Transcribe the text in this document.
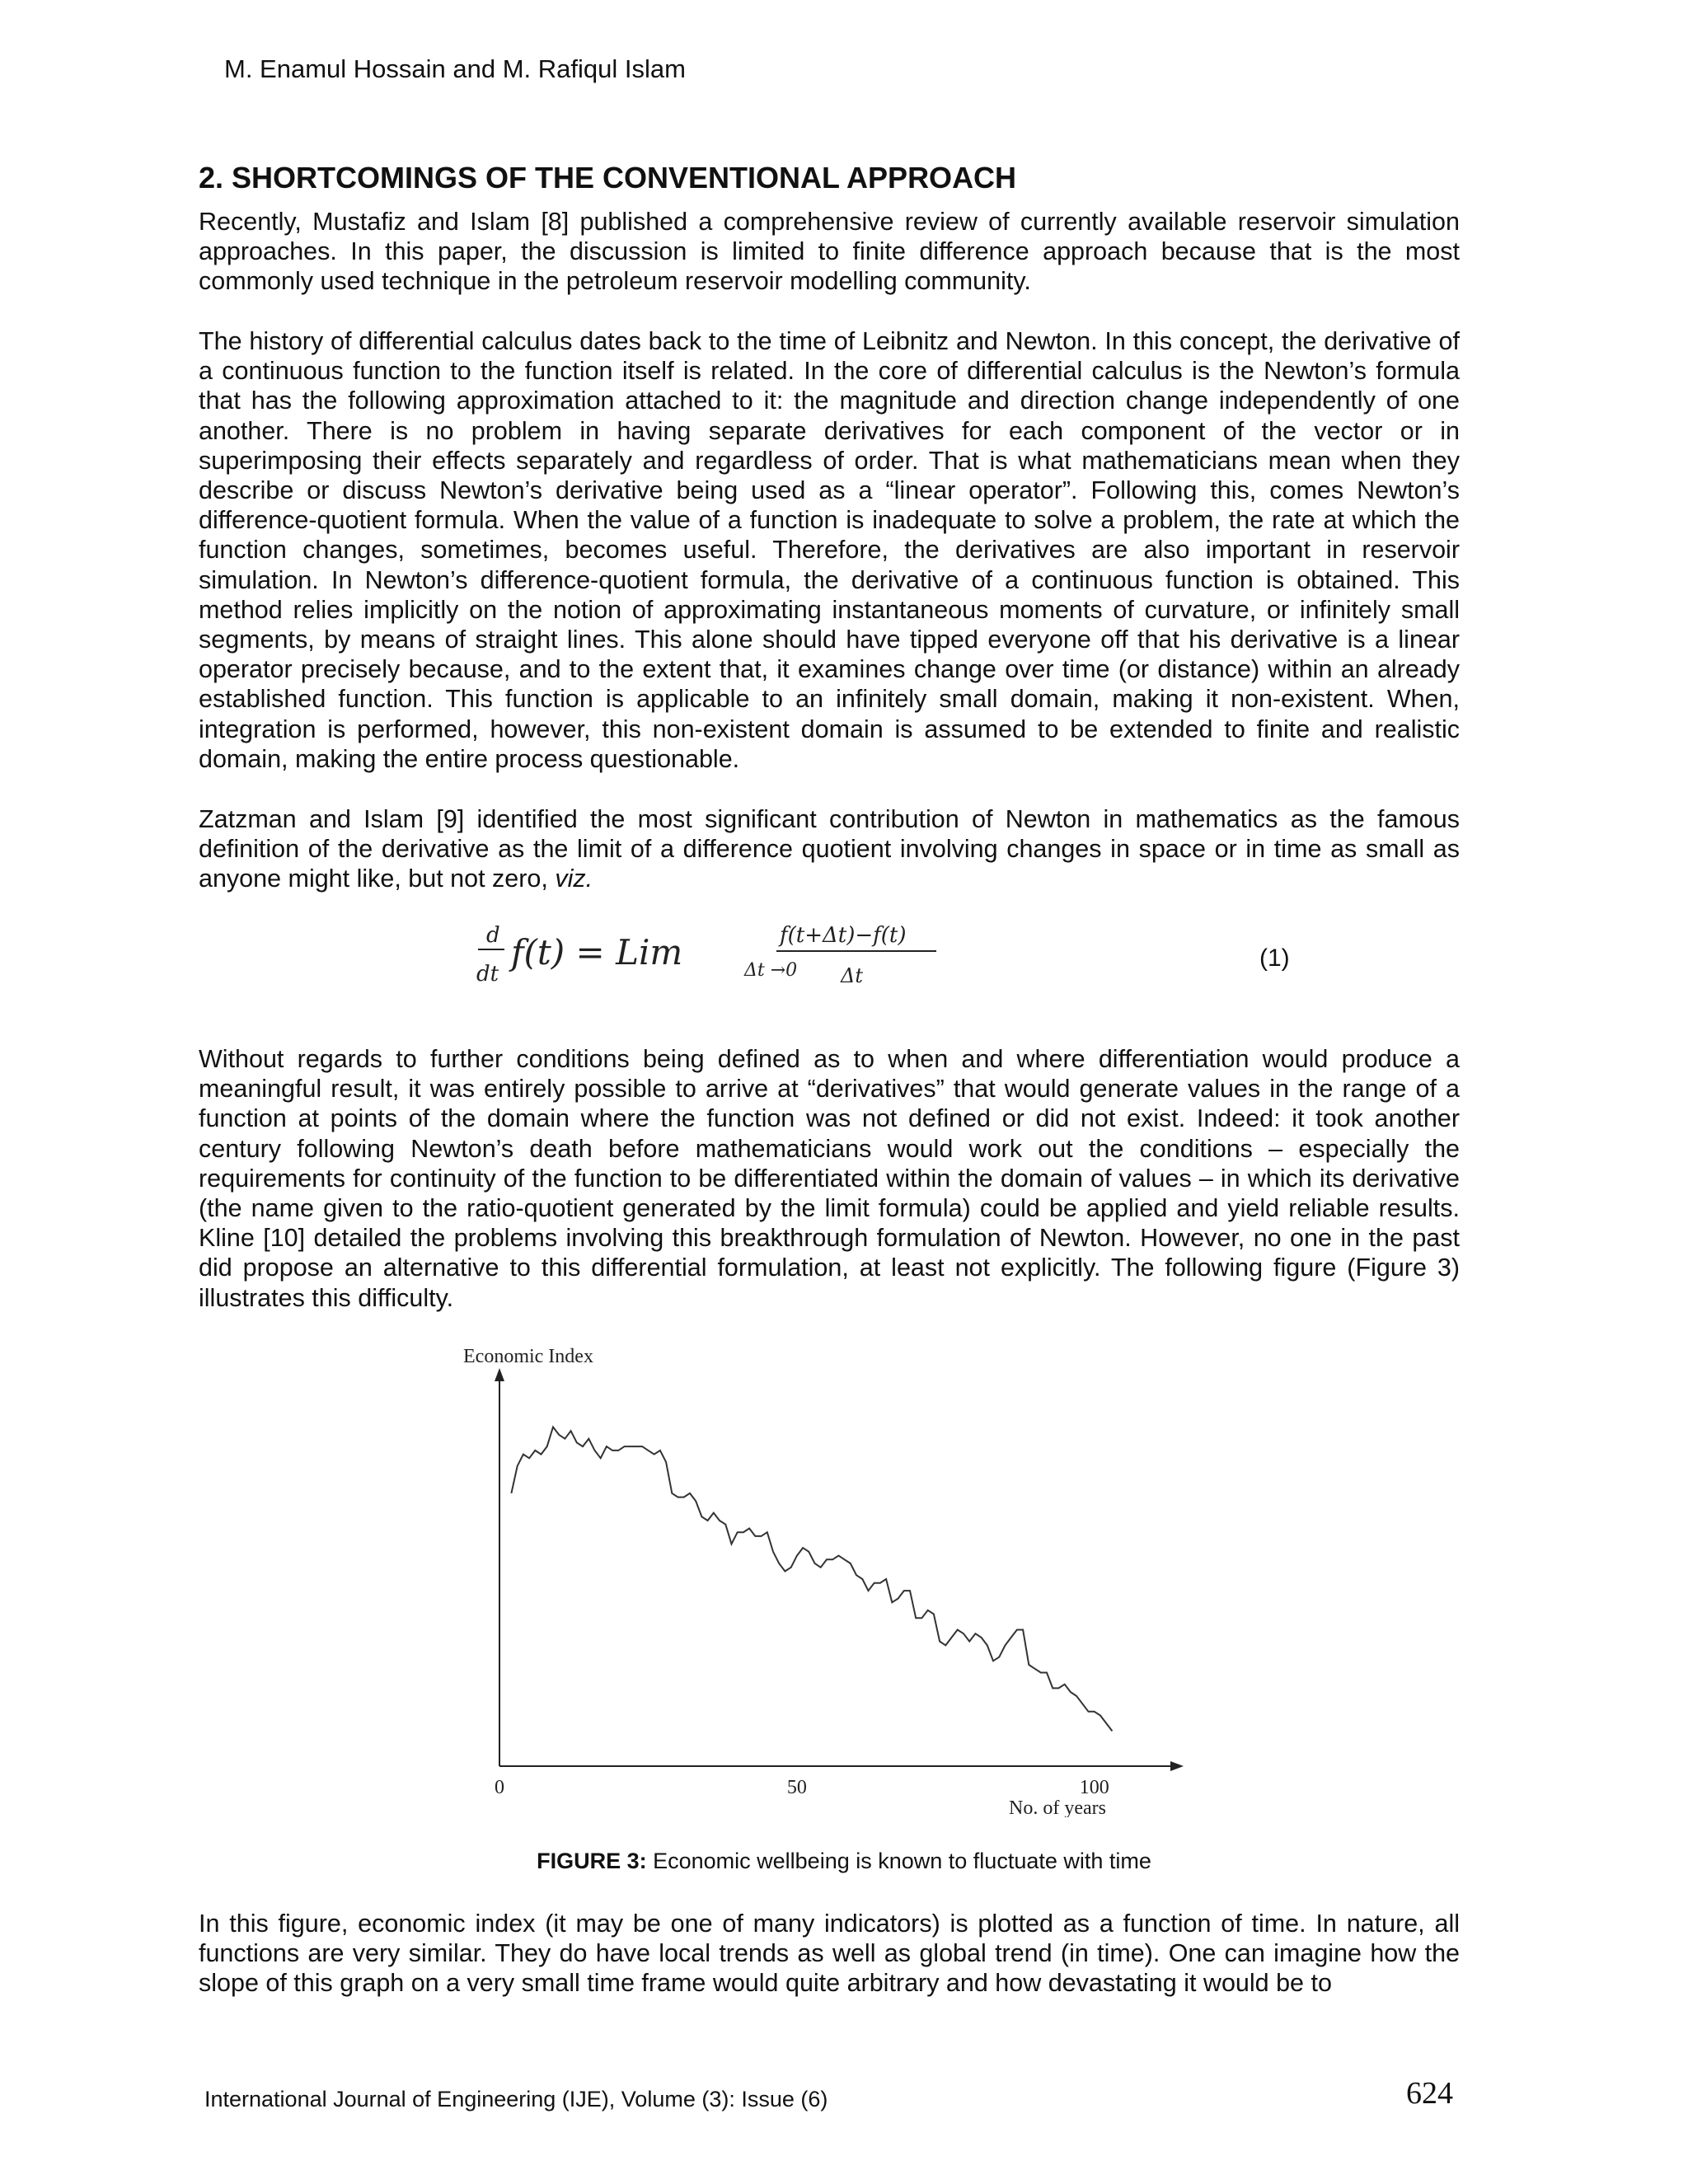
M. Enamul Hossain and M. Rafiqul Islam
2. SHORTCOMINGS OF THE CONVENTIONAL APPROACH

Recently, Mustafiz and Islam [8] published a comprehensive review of currently available reservoir simulation approaches. In this paper, the discussion is limited to finite difference approach because that is the most commonly used technique in the petroleum reservoir modelling community.

The history of differential calculus dates back to the time of Leibnitz and Newton. In this concept, the derivative of a continuous function to the function itself is related. In the core of differential calculus is the Newton’s formula that has the following approximation attached to it: the magnitude and direction change independently of one another. There is no problem in having separate derivatives for each component of the vector or in superimposing their effects separately and regardless of order. That is what mathematicians mean when they describe or discuss Newton’s derivative being used as a “linear operator”. Following this, comes Newton’s difference-quotient formula. When the value of a function is inadequate to solve a problem, the rate at which the function changes, sometimes, becomes useful. Therefore, the derivatives are also important in reservoir simulation. In Newton’s difference-quotient formula, the derivative of a continuous function is obtained. This method relies implicitly on the notion of approximating instantaneous moments of curvature, or infinitely small segments, by means of straight lines. This alone should have tipped everyone off that his derivative is a linear operator precisely because, and to the extent that, it examines change over time (or distance) within an already established function. This function is applicable to an infinitely small domain, making it non-existent. When, integration is performed, however, this non-existent domain is assumed to be extended to finite and realistic domain, making the entire process questionable.

Zatzman and Islam [9] identified the most significant contribution of Newton in mathematics as the famous definition of the derivative as the limit of a difference quotient involving changes in space or in time as small as anyone might like, but not zero, viz.

d
dt
f(t) = Lim	Δt →0
f(t+Δt)−f(t)
Δt
(1)

Without regards to further conditions being defined as to when and where differentiation would produce a meaningful result, it was entirely possible to arrive at “derivatives” that would generate values in the range of a function at points of the domain where the function was not defined or did not exist. Indeed: it took another century following Newton’s death before mathematicians would work out the conditions – especially the requirements for continuity of the function to be differentiated within the domain of values – in which its derivative (the name given to the ratio-quotient generated by the limit formula) could be applied and yield reliable results. Kline [10] detailed the problems involving this breakthrough formulation of Newton. However, no one in the past did propose an alternative to this differential formulation, at least not explicitly. The following figure (Figure 3) illustrates this difficulty.

Economic Index
0	50	100
No. of years
FIGURE 3: Economic wellbeing is known to fluctuate with time

In this figure, economic index (it may be one of many indicators) is plotted as a function of time. In nature, all functions are very similar. They do have local trends as well as global trend (in time). One can imagine how the slope of this graph on a very small time frame would quite arbitrary and how devastating it would be to

International Journal of Engineering (IJE), Volume (3): Issue (6)	624
